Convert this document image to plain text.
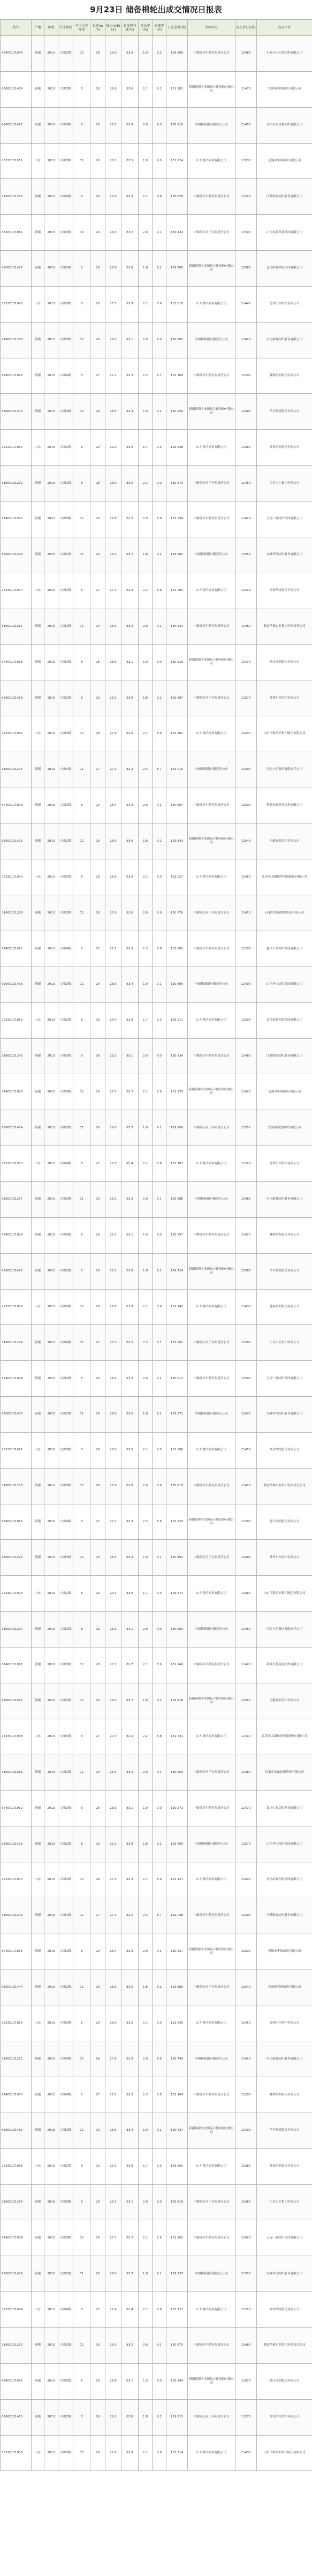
9月23日 储备棉轮出成交情况日报表
批号	产地	年度	主体颜色	平均马克隆值	长度(mm)	强力(cN/tex)	长度整齐度(%)	含杂率(%)	回潮率(%)	公定重量(吨)	存储库点	成交价(元/吨)	竞买企业
67400171948	新疆	2013	白棉2级	C2	28	29.0	83.6	1.9	9.3	129.899	中储棉库尔勒有限责任公司	11480	石家庄市天润纺织有限公司
65000131468	新疆	2013	白棉3级	B	29	28.6	83.0	2.1	9.2	131.302	新疆银隆农业国际合作股份有限公司	11470	宁波格利思纺织有限公司
65000131461	新疆	2013	白棉3级	B	28	27.5	82.8	2.0	9.0	130.118	中储棉新疆有限责任公司	11450	苏州市新星棉纺织有限公司
25330171951	山东	2013	白棉3级	C1	29	28.2	83.5	1.9	9.0	131.224	山东鲁信棉业有限公司	11530	无锡市华锦纺织有限公司
31000131285	新疆	2013	白棉4级	B	28	27.9	82.5	2.1	8.8	130.676	中储棉库尔勒有限责任公司	11320	江苏联发纺织股份有限公司
67400171911	新疆	2013	白棉3级	C1	29	28.4	83.3	2.0	9.1	130.432	中储棉石河子有限责任公司	11500	山东如意科技集团有限公司
65000131477	新疆	2013	白棉2级	B	29	28.8	83.8	1.8	9.2	129.765	新疆银隆农业国际合作股份有限公司	11560	青岛纺联控股集团有限公司
25330171995	山东	2013	白棉3级	B	28	27.7	82.9	2.2	8.9	131.018	山东鲁信棉业有限公司	11440	德州恒丰纺织有限公司
31000131298	新疆	2013	白棉3级	C2	28	28.1	83.1	2.0	9.0	130.887	中储棉新疆有限责任公司	11410	河南新野纺织股份有限公司
67400171926	新疆	2013	白棉4级	B	27	27.2	82.3	2.3	8.7	132.104	中储棉库尔勒有限责任公司	11290	魏桥纺织股份有限公司
65000131403	新疆	2013	白棉3级	C1	29	28.5	83.4	1.9	9.1	130.226	新疆银隆农业国际合作股份有限公司	11490	华孚时尚股份有限公司
25330171962	山东	2013	白棉2级	B	29	29.3	83.9	1.7	9.3	129.548	山东鲁信棉业有限公司	11580	鲁泰纺织股份有限公司
31000131262	新疆	2013	白棉3级	B	28	28.0	83.0	2.1	9.0	130.973	中储棉石河子有限责任公司	11450	江苏大生集团有限公司
67400171937	新疆	2013	白棉3级	C2	28	27.8	82.7	2.0	8.9	131.336	中储棉库尔勒有限责任公司	11420	无锡一棉纺织集团有限公司
65000131449	新疆	2013	白棉2级	C1	29	29.1	83.7	1.8	9.2	129.902	中储棉新疆有限责任公司	11550	安徽华茂纺织股份有限公司
25330171977	山东	2013	白棉4级	B	27	27.4	82.4	2.2	8.8	131.765	山东鲁信棉业有限公司	11310	滨州华纺股份有限公司
31000131251	新疆	2013	白棉3级	C1	29	28.3	83.2	2.0	9.1	130.541	中储棉库尔勒有限责任公司	11480	湖北孝棉实业集团有限责任公司
67400171958	新疆	2013	白棉3级	B	28	28.6	83.1	1.9	9.0	130.318	新疆银隆农业国际合作股份有限公司	11470	浙江富润股份有限公司
65000131418	新疆	2013	白棉2级	B	29	29.2	83.8	1.8	9.2	129.687	中储棉石河子有限责任公司	11570	常州东方纺织有限公司
25330171984	山东	2013	白棉3级	C2	28	27.9	82.9	2.1	8.9	131.102	山东鲁信棉业有限公司	11430	山东岱银纺织集团股份有限公司
31000131276	新疆	2013	白棉4级	C1	27	27.3	82.2	2.3	8.7	132.015	中储棉新疆有限责任公司	11300	河北宁纺集团有限责任公司
67400171903	新疆	2013	白棉3级	B	29	28.4	83.3	2.0	9.1	130.664	中储棉库尔勒有限责任公司	11500	新疆天虹基业纺织有限公司
65000131425	新疆	2013	白棉2级	C1	29	28.9	83.6	1.8	9.2	129.843	新疆银隆农业国际合作股份有限公司	11540	南通双弘纺织有限公司
25330171940	山东	2013	白棉3级	B	28	28.0	83.0	2.1	9.0	131.027	山东鲁信棉业有限公司	11450	江苏金太阳纺织科技股份有限公司
31000131289	新疆	2013	白棉3级	C2	28	27.6	82.8	2.0	8.9	130.776	中储棉石河子有限责任公司	11410	石家庄常山纺织股份有限公司
67400171972	新疆	2013	白棉4级	B	27	27.1	82.3	2.3	8.8	131.882	中储棉库尔勒有限责任公司	11290	夏津仁和纺织科技有限公司
65000131436	新疆	2013	白棉3级	C1	29	28.5	83.4	1.9	9.1	130.409	中储棉新疆有限责任公司	11490	山东华兴纺织集团有限公司
25330171919	山东	2013	白棉2级	B	29	29.4	83.9	1.7	9.3	129.611	山东鲁信棉业有限公司	11590	青岛纺联控股集团有限公司
31000131243	新疆	2013	白棉3级	B	28	28.1	83.1	2.0	9.0	130.934	中储棉库尔勒有限责任公司	11460	江苏联发纺织股份有限公司
67400171966	新疆	2013	白棉3级	C2	28	27.7	82.7	2.1	8.9	131.278	新疆银隆农业国际合作股份有限公司	11420	无锡市华锦纺织有限公司
65000131454	新疆	2013	白棉2级	C1	29	29.0	83.7	1.8	9.2	129.956	中储棉石河子有限责任公司	11550	宁波格利思纺织有限公司
25330171933	山东	2013	白棉4级	B	27	27.5	82.4	2.2	8.8	131.703	山东鲁信棉业有限公司	11320	德州恒丰纺织有限公司
31000131267	新疆	2013	白棉3级	C1	29	28.2	83.2	2.0	9.1	130.588	中储棉新疆有限责任公司	11480	河南新野纺织股份有限公司
67400171929	新疆	2013	白棉3级	B	28	28.7	83.1	1.9	9.0	130.357	中储棉库尔勒有限责任公司	11470	魏桥纺织股份有限公司
65000131472	新疆	2013	白棉2级	B	29	29.1	83.8	1.8	9.2	129.724	新疆银隆农业国际合作股份有限公司	11560	华孚时尚股份有限公司
25330171958	山东	2013	白棉3级	C2	28	27.8	82.9	2.1	8.9	131.145	山东鲁信棉业有限公司	11430	鲁泰纺织股份有限公司
31000131294	新疆	2013	白棉4级	C1	27	27.3	82.2	2.3	8.7	132.061	中储棉石河子有限责任公司	11300	江苏大生集团有限公司
67400171944	新疆	2013	白棉3级	B	29	28.4	83.3	2.0	9.1	130.612	中储棉库尔勒有限责任公司	11500	无锡一棉纺织集团有限公司
65000131487	新疆	2013	白棉2级	C1	29	28.9	83.6	1.8	9.2	129.871	中储棉新疆有限责任公司	11540	安徽华茂纺织股份有限公司
25330171991	山东	2013	白棉3级	B	28	28.0	83.0	2.1	9.0	131.068	山东鲁信棉业有限公司	11450	滨州华纺股份有限公司
31000131258	新疆	2013	白棉3级	C2	28	27.6	82.8	2.0	8.9	130.819	中储棉库尔勒有限责任公司	11410	湖北孝棉实业集团有限责任公司
67400171981	新疆	2013	白棉4级	B	27	27.2	82.3	2.3	8.8	131.925	新疆银隆农业国际合作股份有限公司	11290	浙江富润股份有限公司
65000131491	新疆	2013	白棉3级	C1	29	28.5	83.4	1.9	9.1	130.452	中储棉石河子有限责任公司	11490	常州东方纺织有限公司
25330171926	山东	2013	白棉2级	B	29	29.3	83.9	1.7	9.3	129.574	山东鲁信棉业有限公司	11580	山东岱银纺织集团股份有限公司
31000131237	新疆	2013	白棉3级	B	28	28.1	83.1	2.0	9.0	130.903	中储棉新疆有限责任公司	11460	河北宁纺集团有限责任公司
67400171917	新疆	2013	白棉3级	C2	28	27.7	82.7	2.1	8.9	131.249	中储棉库尔勒有限责任公司	11420	新疆天虹基业纺织有限公司
65000131463	新疆	2013	白棉2级	C1	29	29.0	83.7	1.8	9.2	129.918	新疆银隆农业国际合作股份有限公司	11550	南通双弘纺织有限公司
25330171968	山东	2013	白棉4级	B	27	27.4	82.4	2.2	8.8	131.741	山东鲁信棉业有限公司	11310	江苏金太阳纺织科技股份有限公司
31000131281	新疆	2013	白棉3级	C1	29	28.3	83.2	2.0	9.1	130.563	中储棉石河子有限责任公司	11480	石家庄常山纺织股份有限公司
67400171952	新疆	2013	白棉3级	B	28	28.6	83.1	1.9	9.0	130.371	中储棉库尔勒有限责任公司	11470	夏津仁和纺织科技有限公司
65000131428	新疆	2013	白棉2级	B	29	29.2	83.8	1.8	9.2	129.706	中储棉新疆有限责任公司	11570	山东华兴纺织集团有限公司
25330171947	山东	2013	白棉3级	C2	28	27.9	82.9	2.1	8.9	131.127	山东鲁信棉业有限公司	11430	青岛纺联控股集团有限公司
31000131249	新疆	2013	白棉4级	C1	27	27.3	82.2	2.3	8.7	132.038	中储棉库尔勒有限责任公司	11300	江苏联发纺织股份有限公司
67400171935	新疆	2013	白棉3级	B	29	28.4	83.3	2.0	9.1	130.627	新疆银隆农业国际合作股份有限公司	11500	无锡市华锦纺织有限公司
65000131444	新疆	2013	白棉2级	C1	29	28.9	83.6	1.8	9.2	129.889	中储棉石河子有限责任公司	11540	宁波格利思纺织有限公司
25330171913	山东	2013	白棉3级	B	28	28.0	83.0	2.1	9.0	131.049	山东鲁信棉业有限公司	11450	德州恒丰纺织有限公司
31000131272	新疆	2013	白棉3级	C2	28	27.6	82.8	2.0	8.9	130.794	中储棉新疆有限责任公司	11410	河南新野纺织股份有限公司
67400171963	新疆	2013	白棉4级	B	27	27.2	82.3	2.3	8.8	131.904	中储棉库尔勒有限责任公司	11290	魏桥纺织股份有限公司
65000131482	新疆	2013	白棉3级	C1	29	28.5	83.4	1.9	9.1	130.437	新疆银隆农业国际合作股份有限公司	11490	华孚时尚股份有限公司
25330171986	山东	2013	白棉2级	B	29	29.3	83.9	1.7	9.3	129.592	山东鲁信棉业有限公司	11580	鲁泰纺织股份有限公司
31000131264	新疆	2013	白棉3级	B	28	28.1	83.1	2.0	9.0	130.918	中储棉石河子有限责任公司	11460	江苏大生集团有限公司
67400171908	新疆	2013	白棉3级	C2	28	27.7	82.7	2.1	8.9	131.263	中储棉库尔勒有限责任公司	11420	无锡一棉纺织集团有限公司
65000131459	新疆	2013	白棉2级	C1	29	29.0	83.7	1.8	9.2	129.937	中储棉新疆有限责任公司	11550	安徽华茂纺织股份有限公司
25330171974	山东	2013	白棉4级	B	27	27.4	82.4	2.2	8.8	131.722	山东鲁信棉业有限公司	11310	滨州华纺股份有限公司
31000131253	新疆	2013	白棉3级	C1	29	28.3	83.2	2.0	9.1	130.575	中储棉库尔勒有限责任公司	11480	湖北孝棉实业集团有限责任公司
67400171941	新疆	2013	白棉3级	B	28	28.6	83.1	1.9	9.0	130.344	新疆银隆农业国际合作股份有限公司	11470	浙江富润股份有限公司
65000131415	新疆	2013	白棉2级	B	29	29.2	83.8	1.8	9.2	129.715	中储棉石河子有限责任公司	11570	常州东方纺织有限公司
25330171955	山东	2013	白棉3级	C2	28	27.9	82.9	2.1	8.9	131.114	山东鲁信棉业有限公司	11430	山东岱银纺织集团股份有限公司
